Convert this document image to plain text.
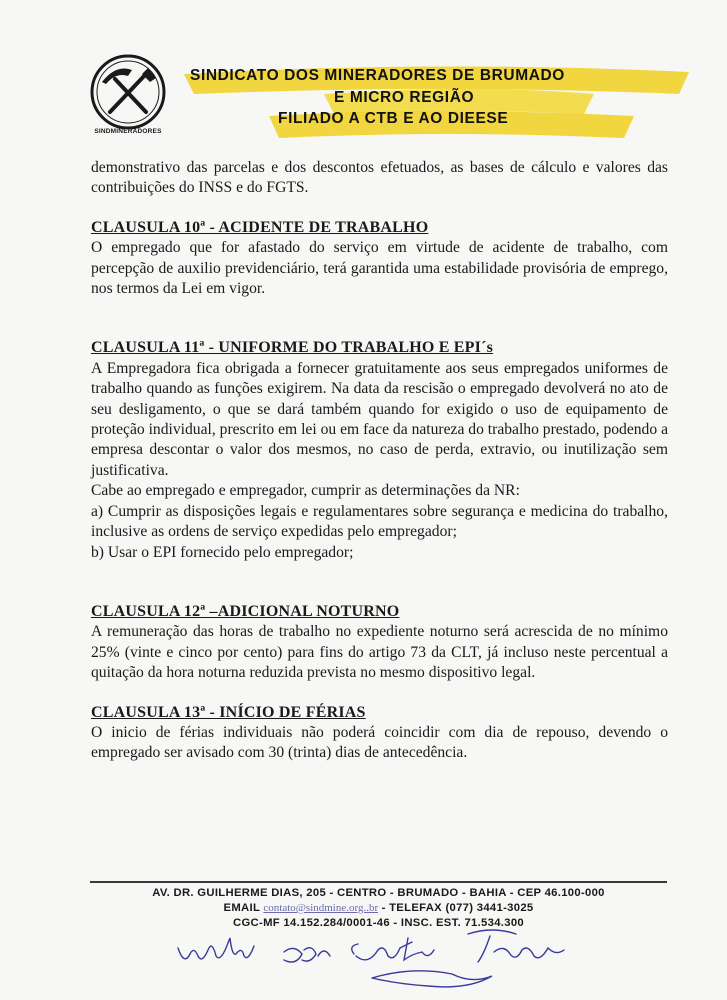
SINDMINERADORES
SINDICATO DOS MINERADORES DE BRUMADO
E MICRO REGIÃO
FILIADO A CTB E AO DIEESE

demonstrativo das parcelas e dos descontos efetuados, as bases de cálculo e valores das contribuições do INSS e do FGTS.

CLAUSULA 10ª - ACIDENTE DE TRABALHO

O empregado que for afastado do serviço em virtude de acidente de trabalho, com percepção de auxilio previdenciário, terá garantida uma estabilidade provisória de emprego, nos termos da Lei em vigor.

CLAUSULA 11ª - UNIFORME DO TRABALHO E EPI´s

A Empregadora fica obrigada a fornecer gratuitamente aos seus empregados uniformes de trabalho quando as funções exigirem. Na data da rescisão o empregado devolverá no ato de seu desligamento, o que se dará também quando for exigido o uso de equipamento de proteção individual, prescrito em lei ou em face da natureza do trabalho prestado, podendo a empresa descontar o valor dos mesmos, no caso de perda, extravio, ou inutilização sem justificativa.

Cabe ao empregado e empregador, cumprir as determinações da NR:

a) Cumprir as disposições legais e regulamentares sobre segurança e medicina do trabalho, inclusive as ordens de serviço expedidas pelo empregador;

b) Usar o EPI fornecido pelo empregador;

CLAUSULA 12ª –ADICIONAL NOTURNO

A remuneração das horas de trabalho no expediente noturno será acrescida de no mínimo 25% (vinte e cinco por cento) para fins do artigo 73 da CLT, já incluso neste percentual a quitação da hora noturna reduzida prevista no mesmo dispositivo legal.

CLAUSULA 13ª - INÍCIO DE FÉRIAS

O inicio de férias individuais não poderá coincidir com dia de repouso, devendo o empregado ser avisado com 30 (trinta) dias de antecedência.

AV. DR. GUILHERME DIAS, 205 - CENTRO - BRUMADO - BAHIA - CEP 46.100-000
EMAIL contato@sindmine.org..br - TELEFAX (077) 3441-3025
CGC-MF 14.152.284/0001-46 - INSC. EST. 71.534.300
